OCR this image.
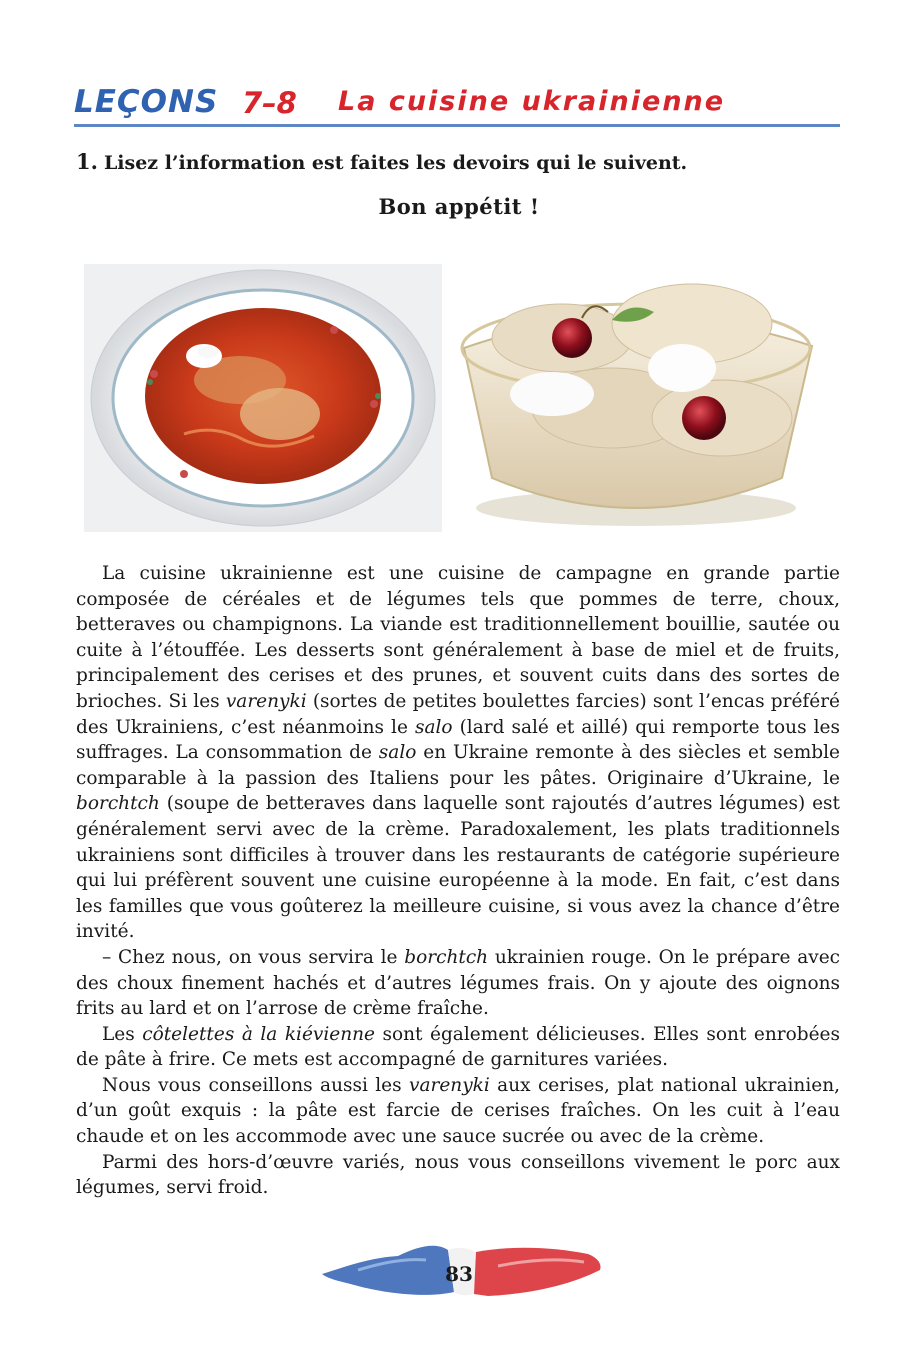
LEÇONS 7–8 La cuisine ukrainienne
1. Lisez l’information est faites les devoirs qui le suivent.
Bon appétit !

La cuisine ukrainienne est une cuisine de campagne en grande partie composée de céréales et de légumes tels que pommes de terre, choux, betteraves ou champignons. La viande est traditionnellement bouillie, sautée ou cuite à l’étouffée. Les desserts sont généralement à base de miel et de fruits, principalement des cerises et des prunes, et souvent cuits dans des sortes de brioches. Si les varenyki (sortes de petites boulettes farcies) sont l’encas préféré des Ukrainiens, c’est néanmoins le salo (lard salé et aillé) qui remporte tous les suffrages. La consommation de salo en Ukraine remonte à des siècles et semble comparable à la passion des Italiens pour les pâtes. Originaire d’Ukraine, le borchtch (soupe de betteraves dans laquelle sont rajoutés d’autres légumes) est généralement servi avec de la crème. Paradoxalement, les plats traditionnels ukrainiens sont difficiles à trouver dans les restaurants de catégorie supérieure qui lui préfèrent souvent une cuisine européenne à la mode. En fait, c’est dans les familles que vous goûterez la meilleure cuisine, si vous avez la chance d’être invité.

– Chez nous, on vous servira le borchtch ukrainien rouge. On le prépare avec des choux finement hachés et d’autres légumes frais. On y ajoute des oignons frits au lard et on l’arrose de crème fraîche.

Les côtelettes à la kiévienne sont également délicieuses. Elles sont enrobées de pâte à frire. Ce mets est accompagné de garnitures variées.

Nous vous conseillons aussi les varenyki aux cerises, plat national ukrainien, d’un goût exquis : la pâte est farcie de cerises fraîches. On les cuit à l’eau chaude et on les accommode avec une sauce sucrée ou avec de la crème.

Parmi des hors-d’œuvre variés, nous vous conseillons vivement le porc aux légumes, servi froid.

83
